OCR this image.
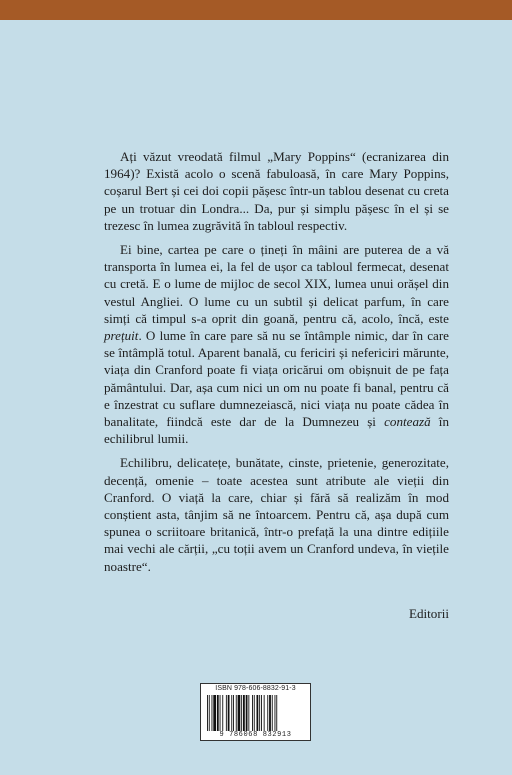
Ați văzut vreodată filmul „Mary Poppins“ (ecranizarea din 1964)? Există acolo o scenă fabuloasă, în care Mary Poppins, coșarul Bert și cei doi copii pășesc într-un tablou desenat cu creta pe un trotuar din Londra... Da, pur și simplu pășesc în el și se trezesc în lumea zugrăvită în tabloul respectiv.

Ei bine, cartea pe care o țineți în mâini are puterea de a vă transporta în lumea ei, la fel de ușor ca tabloul fermecat, desenat cu cretă. E o lume de mijloc de secol XIX, lumea unui orășel din vestul Angliei. O lume cu un subtil și delicat parfum, în care simți că timpul s-a oprit din goană, pentru că, acolo, încă, este prețuit. O lume în care pare să nu se întâmple nimic, dar în care se întâmplă totul. Aparent banală, cu fericiri și nefericiri mărunte, viața din Cranford poate fi viața oricărui om obișnuit de pe fața pământului. Dar, așa cum nici un om nu poate fi banal, pentru că e înzestrat cu suflare dumnezeiască, nici viața nu poate cădea în banalitate, fiindcă este dar de la Dumnezeu și contează în echilibrul lumii.

Echilibru, delicatețe, bunătate, cinste, prietenie, generozitate, decență, omenie – toate acestea sunt atribute ale vieții din Cranford. O viață la care, chiar și fără să realizăm în mod conștient asta, tânjim să ne întoarcem. Pentru că, așa după cum spunea o scriitoare britanică, într-o prefață la una dintre edițiile mai vechi ale cărții, „cu toții avem un Cranford undeva, în viețile noastre“.

Editorii
ISBN 978-606-8832-91-3
9 786068 832913
